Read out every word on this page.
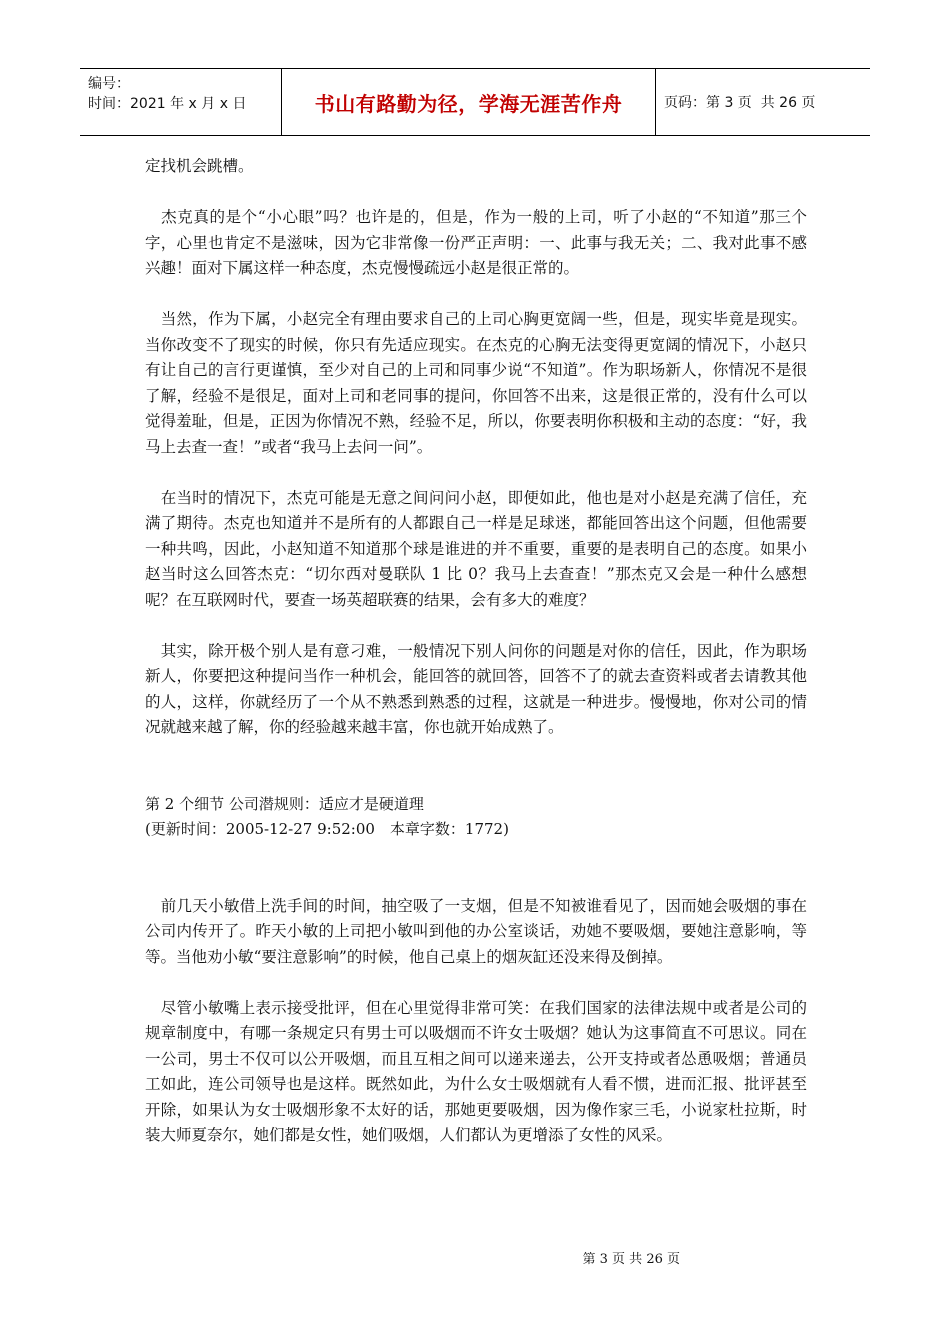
编号：
时间：2021 年 x 月 x 日	书山有路勤为径，学海无涯苦作舟	页码：第 3 页  共 26 页

定找机会跳槽。

　杰克真的是个“小心眼”吗？也许是的，但是，作为一般的上司，听了小赵的“不知道”那三个字，心里也肯定不是滋味，因为它非常像一份严正声明：一、此事与我无关；二、我对此事不感兴趣！面对下属这样一种态度，杰克慢慢疏远小赵是很正常的。

　当然，作为下属，小赵完全有理由要求自己的上司心胸更宽阔一些，但是，现实毕竟是现实。当你改变不了现实的时候，你只有先适应现实。在杰克的心胸无法变得更宽阔的情况下，小赵只有让自己的言行更谨慎，至少对自己的上司和同事少说“不知道”。作为职场新人，你情况不是很了解，经验不是很足，面对上司和老同事的提问，你回答不出来，这是很正常的，没有什么可以觉得羞耻，但是，正因为你情况不熟，经验不足，所以，你要表明你积极和主动的态度：“好，我马上去查一查！”或者“我马上去问一问”。

　在当时的情况下，杰克可能是无意之间问问小赵，即便如此，他也是对小赵是充满了信任，充满了期待。杰克也知道并不是所有的人都跟自己一样是足球迷，都能回答出这个问题，但他需要一种共鸣，因此，小赵知道不知道那个球是谁进的并不重要，重要的是表明自己的态度。如果小赵当时这么回答杰克：“切尔西对曼联队 1 比 0？我马上去查查！”那杰克又会是一种什么感想呢？在互联网时代，要查一场英超联赛的结果，会有多大的难度？

　其实，除开极个别人是有意刁难，一般情况下别人问你的问题是对你的信任，因此，作为职场新人，你要把这种提问当作一种机会，能回答的就回答，回答不了的就去查资料或者去请教其他的人，这样，你就经历了一个从不熟悉到熟悉的过程，这就是一种进步。慢慢地，你对公司的情况就越来越了解，你的经验越来越丰富，你也就开始成熟了。

第 2 个细节 公司潜规则：适应才是硬道理
(更新时间：2005-12-27 9:52:00　本章字数：1772)

　前几天小敏借上洗手间的时间，抽空吸了一支烟，但是不知被谁看见了，因而她会吸烟的事在公司内传开了。昨天小敏的上司把小敏叫到他的办公室谈话，劝她不要吸烟，要她注意影响，等等。当他劝小敏“要注意影响”的时候，他自己桌上的烟灰缸还没来得及倒掉。

　尽管小敏嘴上表示接受批评，但在心里觉得非常可笑：在我们国家的法律法规中或者是公司的规章制度中，有哪一条规定只有男士可以吸烟而不许女士吸烟？她认为这事简直不可思议。同在一公司，男士不仅可以公开吸烟，而且互相之间可以递来递去，公开支持或者怂恿吸烟；普通员工如此，连公司领导也是这样。既然如此，为什么女士吸烟就有人看不惯，进而汇报、批评甚至开除，如果认为女士吸烟形象不太好的话，那她更要吸烟，因为像作家三毛，小说家杜拉斯，时装大师夏奈尔，她们都是女性，她们吸烟，人们都认为更增添了女性的风采。

第 3 页 共 26 页
